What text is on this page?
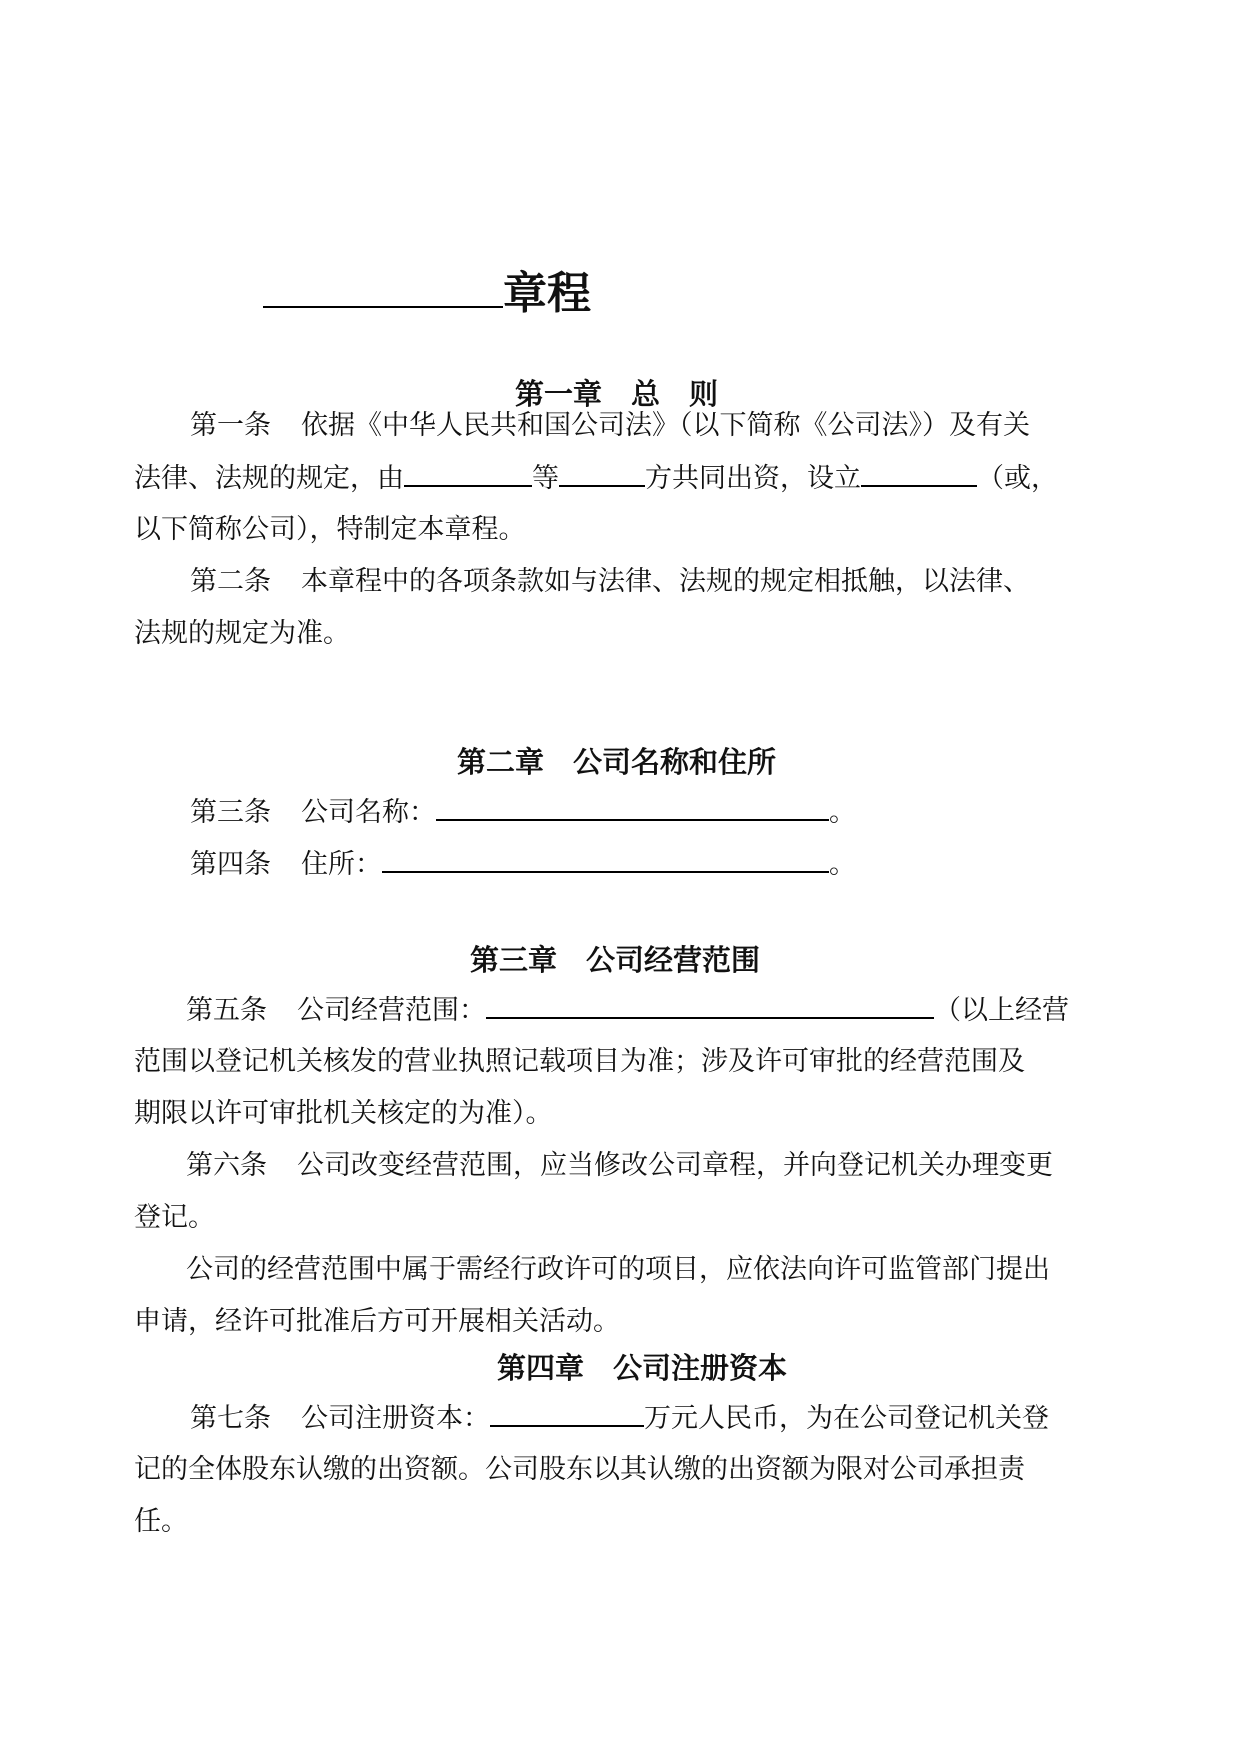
章程
第一章　总　则
第一条 依据《中华人民共和国公司法》（以下简称《公司法》）及有关
法律、法规的规定，由	等	方共同出资，设立	（或，
以下简称公司），特制定本章程。
第二条 本章程中的各项条款如与法律、法规的规定相抵触，以法律、
法规的规定为准。
第二章　公司名称和住所
第三条 公司名称：	。
第四条 住所：	。
第三章　公司经营范围
第五条 公司经营范围：	（以上经营
范围以登记机关核发的营业执照记载项目为准；涉及许可审批的经营范围及
期限以许可审批机关核定的为准）。
第六条 公司改变经营范围，应当修改公司章程，并向登记机关办理变更
登记。
公司的经营范围中属于需经行政许可的项目，应依法向许可监管部门提出
申请，经许可批准后方可开展相关活动。
第四章　公司注册资本
第七条 公司注册资本：	万元人民币，为在公司登记机关登
记的全体股东认缴的出资额。公司股东以其认缴的出资额为限对公司承担责
任。
